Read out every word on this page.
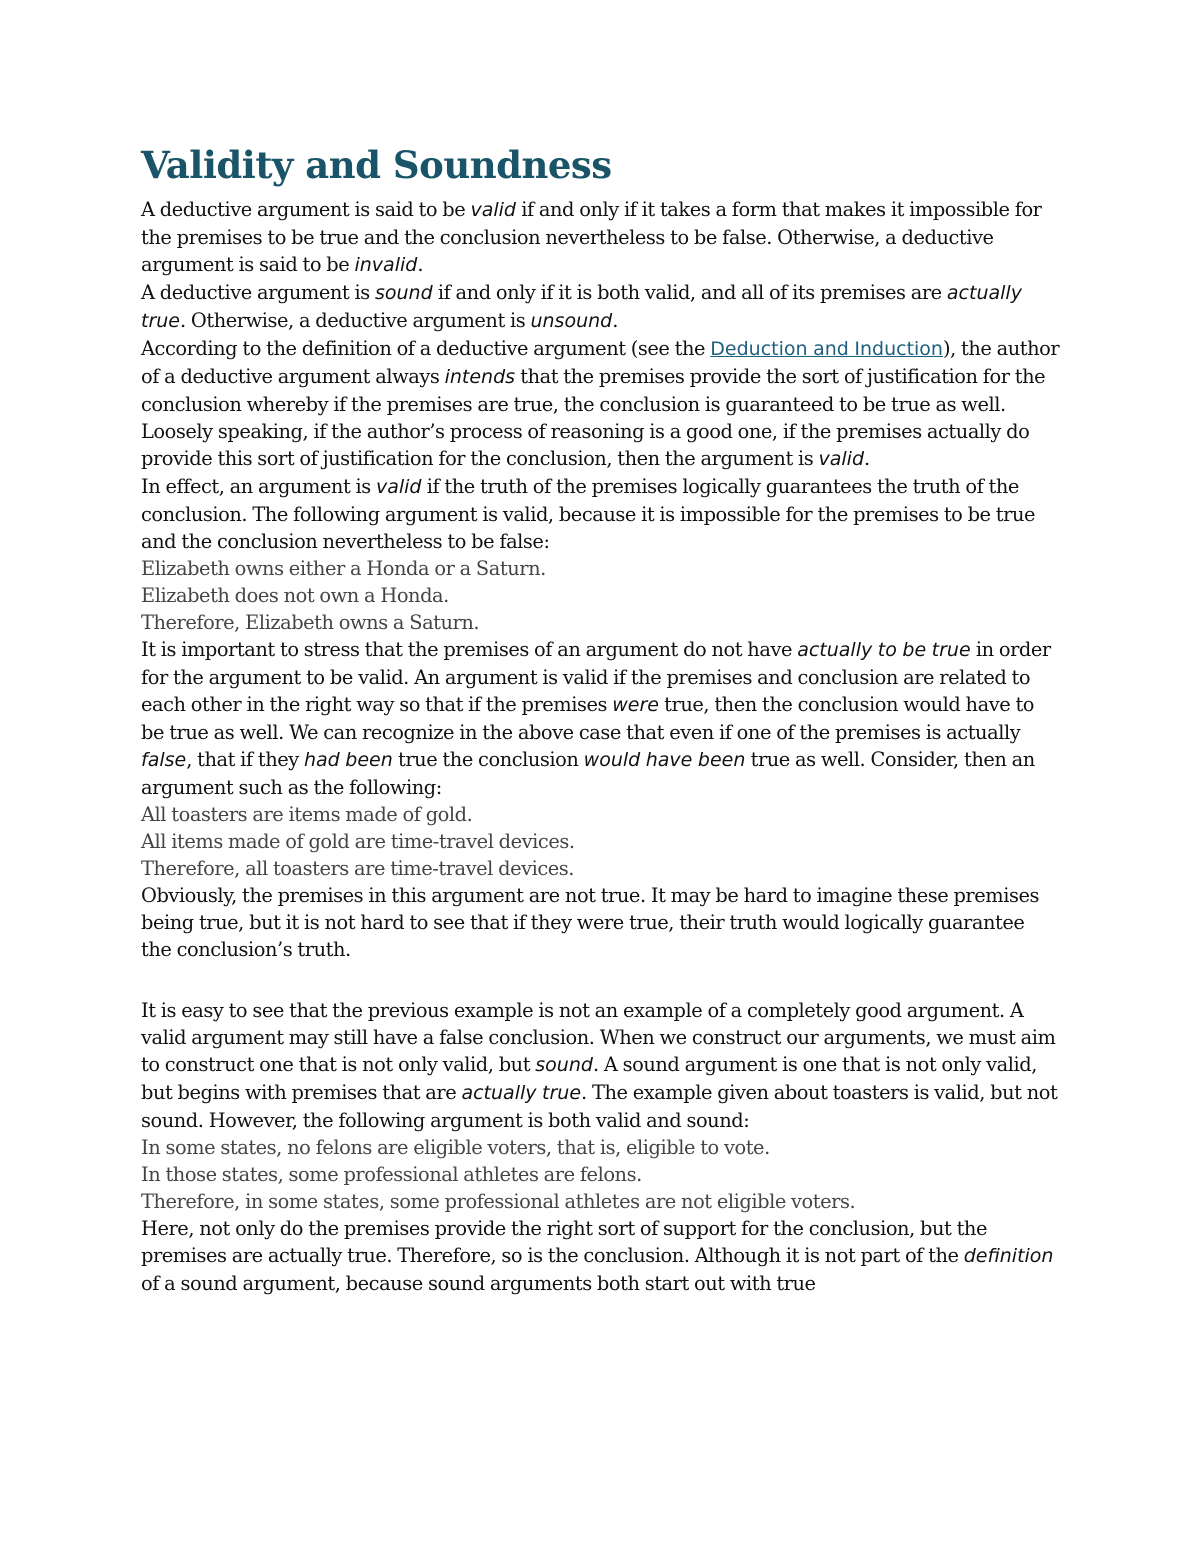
Validity and Soundness

A deductive argument is said to be valid if and only if it takes a form that makes it impossible for the premises to be true and the conclusion nevertheless to be false. Otherwise, a deductive argument is said to be invalid.

A deductive argument is sound if and only if it is both valid, and all of its premises are actually true. Otherwise, a deductive argument is unsound.

According to the definition of a deductive argument (see the Deduction and Induction), the author of a deductive argument always intends that the premises provide the sort of justification for the conclusion whereby if the premises are true, the conclusion is guaranteed to be true as well. Loosely speaking, if the author’s process of reasoning is a good one, if the premises actually do provide this sort of justification for the conclusion, then the argument is valid.

In effect, an argument is valid if the truth of the premises logically guarantees the truth of the conclusion. The following argument is valid, because it is impossible for the premises to be true and the conclusion nevertheless to be false:

Elizabeth owns either a Honda or a Saturn.

Elizabeth does not own a Honda.

Therefore, Elizabeth owns a Saturn.

It is important to stress that the premises of an argument do not have actually to be true in order for the argument to be valid. An argument is valid if the premises and conclusion are related to each other in the right way so that if the premises were true, then the conclusion would have to be true as well. We can recognize in the above case that even if one of the premises is actually false, that if they had been true the conclusion would have been true as well. Consider, then an argument such as the following:

All toasters are items made of gold.

All items made of gold are time-travel devices.

Therefore, all toasters are time-travel devices.

Obviously, the premises in this argument are not true. It may be hard to imagine these premises being true, but it is not hard to see that if they were true, their truth would logically guarantee the conclusion’s truth.

It is easy to see that the previous example is not an example of a completely good argument. A valid argument may still have a false conclusion. When we construct our arguments, we must aim to construct one that is not only valid, but sound. A sound argument is one that is not only valid, but begins with premises that are actually true. The example given about toasters is valid, but not sound. However, the following argument is both valid and sound:

In some states, no felons are eligible voters, that is, eligible to vote.

In those states, some professional athletes are felons.

Therefore, in some states, some professional athletes are not eligible voters.

Here, not only do the premises provide the right sort of support for the conclusion, but the premises are actually true. Therefore, so is the conclusion. Although it is not part of the definition of a sound argument, because sound arguments both start out with true
